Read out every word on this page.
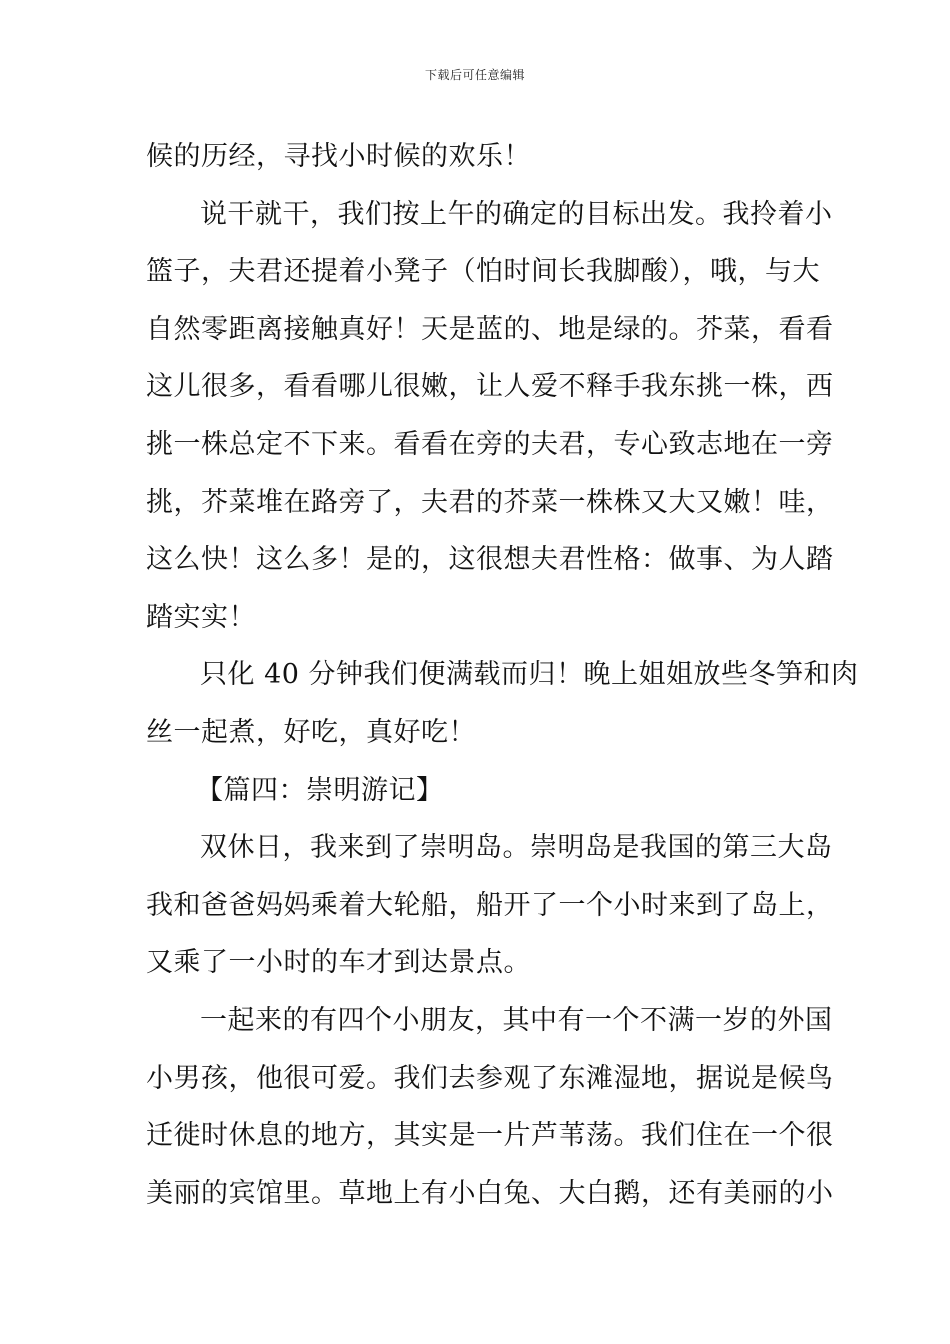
下载后可任意编辑
候的历经，寻找小时候的欢乐！
说干就干，我们按上午的确定的目标出发。我拎着小
篮子，夫君还提着小凳子（怕时间长我脚酸），哦，与大
自然零距离接触真好！天是蓝的、地是绿的。芥菜，看看
这儿很多，看看哪儿很嫩，让人爱不释手我东挑一株，西
挑一株总定不下来。看看在旁的夫君，专心致志地在一旁
挑，芥菜堆在路旁了，夫君的芥菜一株株又大又嫩！哇，
这么快！这么多！是的，这很想夫君性格：做事、为人踏
踏实实！
只化 40 分钟我们便满载而归！晚上姐姐放些冬笋和肉
丝一起煮，好吃，真好吃！
【篇四：崇明游记】
双休日，我来到了崇明岛。崇明岛是我国的第三大岛
我和爸爸妈妈乘着大轮船，船开了一个小时来到了岛上，
又乘了一小时的车才到达景点。
一起来的有四个小朋友，其中有一个不满一岁的外国
小男孩，他很可爱。我们去参观了东滩湿地，据说是候鸟
迁徙时休息的地方，其实是一片芦苇荡。我们住在一个很
美丽的宾馆里。草地上有小白兔、大白鹅，还有美丽的小
